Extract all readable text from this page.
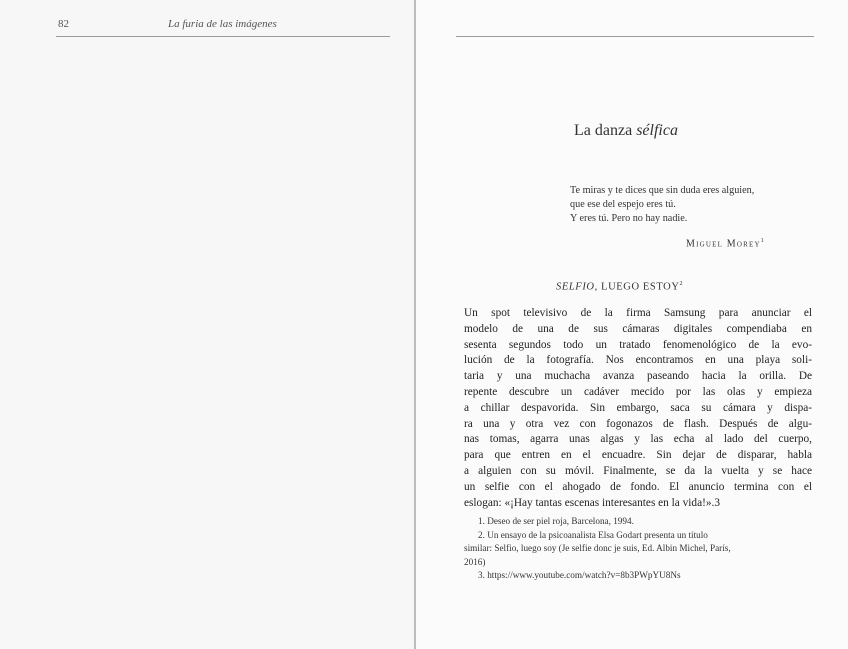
82	La furia de las imágenes
La danza sélfica
Te miras y te dices que sin duda eres alguien,
que ese del espejo eres tú.
Y eres tú. Pero no hay nadie.
Miguel Morey$^1$
SELFIO, LUEGO ESTOY$^2$
Un spot televisivo de la firma Samsung para anunciar el
modelo de una de sus cámaras digitales compendiaba en
sesenta segundos todo un tratado fenomenológico de la evo-
lución de la fotografía. Nos encontramos en una playa soli-
taria y una muchacha avanza paseando hacia la orilla. De
repente descubre un cadáver mecido por las olas y empieza
a chillar despavorida. Sin embargo, saca su cámara y dispa-
ra una y otra vez con fogonazos de flash. Después de algu-
nas tomas, agarra unas algas y las echa al lado del cuerpo,
para que entren en el encuadre. Sin dejar de disparar, habla
a alguien con su móvil. Finalmente, se da la vuelta y se hace
un selfie con el ahogado de fondo. El anuncio termina con el
eslogan: «¡Hay tantas escenas interesantes en la vida!».3
1. Deseo de ser piel roja, Barcelona, 1994.
2. Un ensayo de la psicoanalista Elsa Godart presenta un título
similar: Selfio, luego soy (Je selfie donc je suis, Ed. Albin Michel, París,
2016)
3. https://www.youtube.com/watch?v=8b3PWpYU8Ns
